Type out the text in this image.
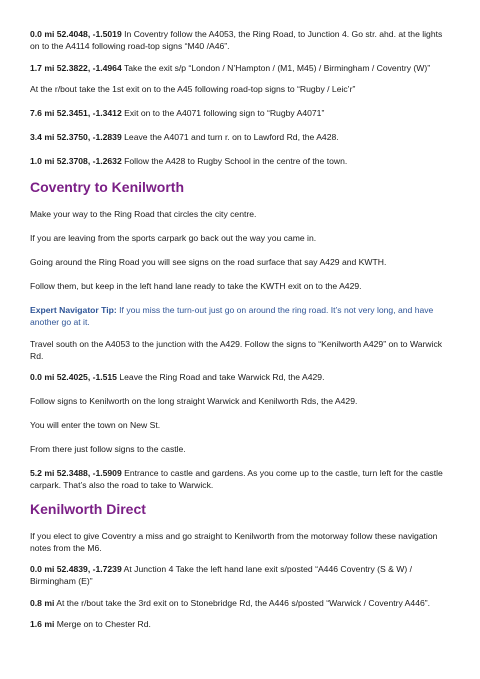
0.0 mi 52.4048, -1.5019 In Coventry follow the A4053, the Ring Road, to Junction 4. Go str. ahd. at the lights on to the A4114 following road-top signs “M40 /A46”.

1.7 mi 52.3822, -1.4964 Take the exit s/p “London / N’Hampton / (M1, M45) / Birmingham / Coventry (W)”

At the r/bout take the 1st exit on to the A45 following road-top signs to “Rugby / Leic’r”

7.6 mi 52.3451, -1.3412 Exit on to the A4071 following sign to “Rugby A4071”

3.4 mi 52.3750, -1.2839 Leave the A4071 and turn r. on to Lawford Rd, the A428.

1.0 mi 52.3708, -1.2632 Follow the A428 to Rugby School in the centre of the town.

Coventry to Kenilworth

Make your way to the Ring Road that circles the city centre.

If you are leaving from the sports carpark go back out the way you came in.

Going around the Ring Road you will see signs on the road surface that say A429 and KWTH.

Follow them, but keep in the left hand lane ready to take the KWTH exit on to the A429.

Expert Navigator Tip: If you miss the turn-out just go on around the ring road. It’s not very long, and have another go at it.

Travel south on the A4053 to the junction with the A429. Follow the signs to “Kenilworth A429” on to Warwick Rd.

0.0 mi 52.4025, -1.515 Leave the Ring Road and take Warwick Rd, the A429.

Follow signs to Kenilworth on the long straight Warwick and Kenilworth Rds, the A429.

You will enter the town on New St.

From there just follow signs to the castle.

5.2 mi 52.3488, -1.5909 Entrance to castle and gardens. As you come up to the castle, turn left for the castle carpark. That’s also the road to take to Warwick.

Kenilworth Direct

If you elect to give Coventry a miss and go straight to Kenilworth from the motorway follow these navigation notes from the M6.

0.0 mi 52.4839, -1.7239 At Junction 4 Take the left hand lane exit s/posted “A446 Coventry (S & W) / Birmingham (E)”

0.8 mi At the r/bout take the 3rd exit on to Stonebridge Rd, the A446 s/posted “Warwick / Coventry A446”.

1.6 mi Merge on to Chester Rd.
